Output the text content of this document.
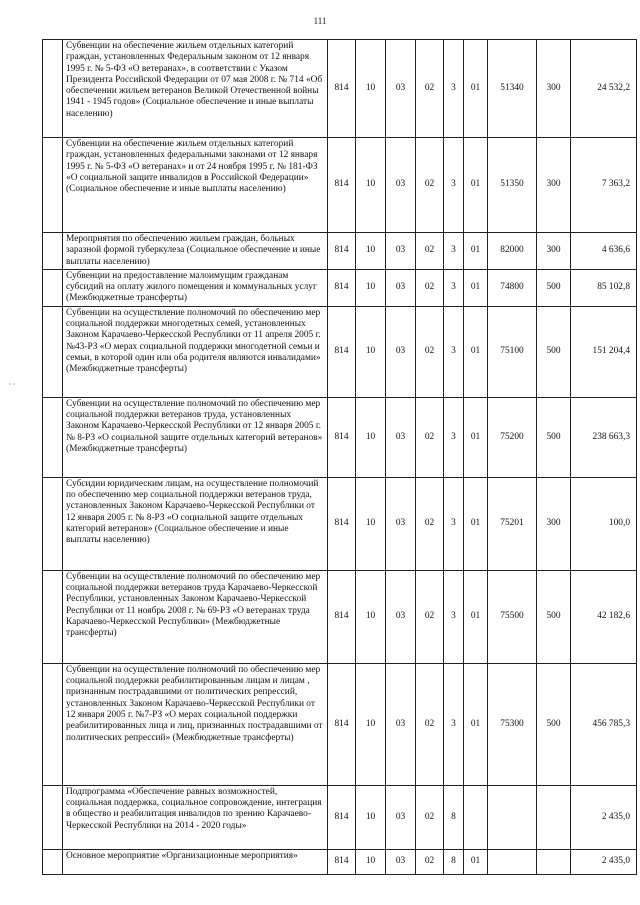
111
	Субвенции на обеспечение жильем отдельных категорий граждан, установленных Федеральным законом от 12 января 1995 г. № 5-ФЗ «О ветеранах», в соответствии с Указом Президента Российской Федерации от 07 мая 2008 г. № 714 «Об обеспечении жильем ветеранов Великой Отечественной войны 1941 - 1945 годов» (Социальное обеспечение и иные выплаты населению)	814	10	03	02	3	01	51340	300	24 532,2
	Субвенции на обеспечение жильем отдельных категорий граждан, установленных федеральными законами от 12 января 1995 г. № 5-ФЗ «О ветеранах» и от 24 ноября 1995 г. № 181-ФЗ «О социальной защите инвалидов в Российской Федерации» (Социальное обеспечение и иные выплаты населению)	814	10	03	02	3	01	51350	300	7 363,2
	Мероприятия по обеспечению жильем граждан, больных заразной формой туберкулеза (Социальное обеспечение и иные выплаты населению)	814	10	03	02	3	01	82000	300	4 636,6
	Субвенции на предоставление малоимущим гражданам субсидий на оплату жилого помещения и коммунальных услуг (Межбюджетные трансферты)	814	10	03	02	3	01	74800	500	85 102,8
	Субвенции на осуществление полномочий по обеспечению мер социальной поддержки многодетных семей, установленных Законом Карачаево-Черкесской Республики от 11 апреля 2005 г. №43-РЗ «О мерах социальной поддержки многодетной семьи и семьи, в которой один или оба родителя являются инвалидами» (Межбюджетные трансферты)	814	10	03	02	3	01	75100	500	151 204,4
	Субвенции на осуществление полномочий по обеспечению мер социальной поддержки ветеранов труда, установленных Законом Карачаево-Черкесской Республики от 12 января 2005 г. № 8-РЗ «О социальной защите отдельных категорий ветеранов» (Межбюджетные трансферты)	814	10	03	02	3	01	75200	500	238 663,3
	Субсидии юридическим лицам, на осуществление полномочий по обеспечению мер социальной поддержки ветеранов труда, установленных Законом Карачаево-Черкесской Республики от 12 января 2005 г. № 8-РЗ «О социальной защите отдельных категорий ветеранов» (Социальное обеспечение и иные выплаты населению)	814	10	03	02	3	01	75201	300	100,0
	Субвенции на осуществление полномочий по обеспечению мер социальной поддержки ветеранов труда Карачаево-Черкесской Республики, установленных Законом Карачаево-Черкесской Республики от 11 ноябрь 2008 г. № 69-РЗ «О ветеранах труда Карачаево-Черкесской Республики» (Межбюджетные трансферты)	814	10	03	02	3	01	75500	500	42 182,6
	Субвенции на осуществление полномочий по обеспечению мер социальной поддержки реабилитированным лицам и лицам , признанным пострадавшими от политических репрессий, установленных Законом Карачаево-Черкесской Республики от 12 января 2005 г. №7-РЗ «О мерах социальной поддержки реабилитированных лица и лиц, признанных пострадавшими от политических репрессий» (Межбюджетные трансферты)	814	10	03	02	3	01	75300	500	456 785,3
	Подпрограмма «Обеспечение равных возможностей, социальная поддержка, социальное сопровождение, интеграция в общество и реабилитация инвалидов по зрению Карачаево-Черкесской Республики на 2014 - 2020 годы»	814	10	03	02	8				2 435,0
	Основное мероприятие «Организационные мероприятия»	814	10	03	02	8	01			2 435,0
· ·
